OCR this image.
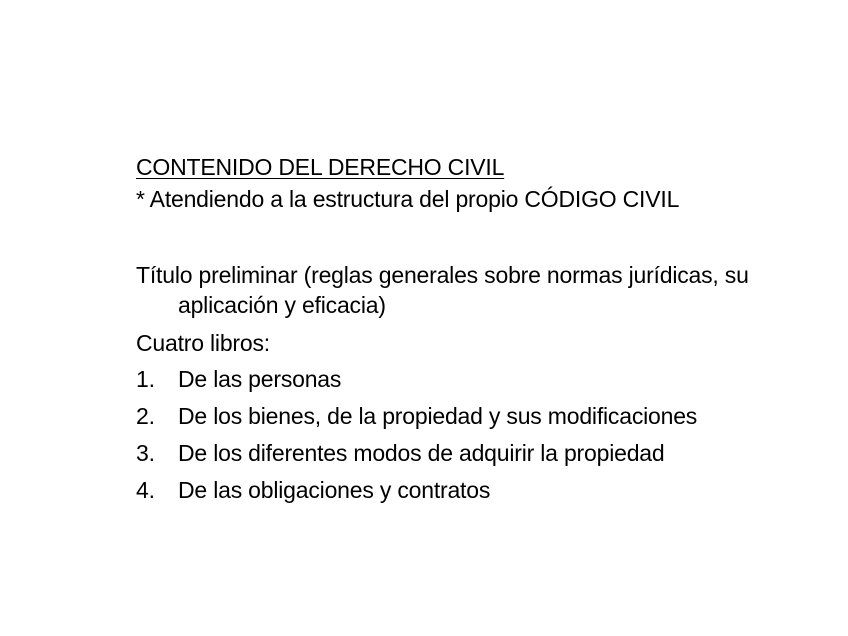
CONTENIDO DEL DERECHO CIVIL
* Atendiendo a la estructura del propio CÓDIGO CIVIL
Título preliminar (reglas generales sobre normas jurídicas, su aplicación y eficacia)
Cuatro libros:
1.	De las personas
2.	De los bienes, de la propiedad y sus modificaciones
3.	De los diferentes modos de adquirir la propiedad
4.	De las obligaciones y contratos
